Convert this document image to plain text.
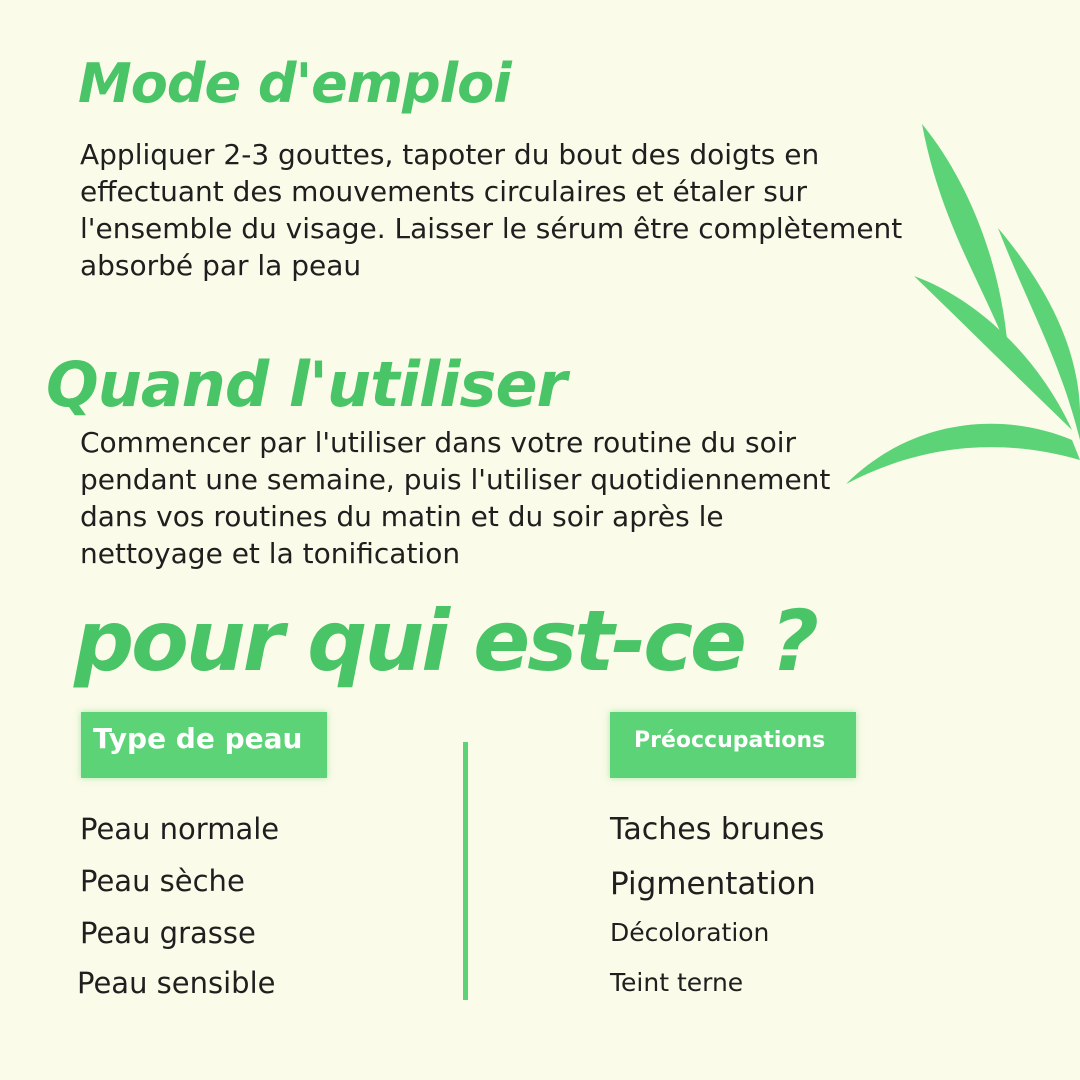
Mode d'emploi

Appliquer 2-3 gouttes, tapoter du bout des doigts en effectuant des mouvements circulaires et étaler sur l'ensemble du visage. Laisser le sérum être complètement absorbé par la peau

Quand l'utiliser

Commencer par l'utiliser dans votre routine du soir pendant une semaine, puis l'utiliser quotidiennement dans vos routines du matin et du soir après le nettoyage et la tonification

pour qui est-ce ?
Type de peau	Préoccupations
Peau normale
Peau sèche
Peau grasse
Peau sensible
Taches brunes
Pigmentation
Décoloration
Teint terne
